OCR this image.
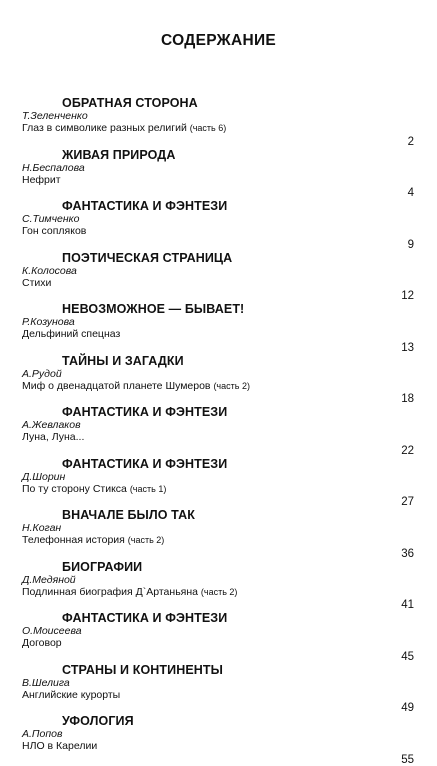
СОДЕРЖАНИЕ
ОБРАТНАЯ СТОРОНА
Т.Зеленченко
Глаз в символике разных религий (часть 6)
2
ЖИВАЯ ПРИРОДА
Н.Беспалова
Нефрит
4
ФАНТАСТИКА И ФЭНТЕЗИ
С.Тимченко
Гон сопляков
9
ПОЭТИЧЕСКАЯ СТРАНИЦА
К.Колосова
Стихи
12
НЕВОЗМОЖНОЕ — БЫВАЕТ!
Р.Козунова
Дельфиний спецназ
13
ТАЙНЫ И ЗАГАДКИ
А.Рудой
Миф о двенадцатой планете Шумеров (часть 2)
18
ФАНТАСТИКА И ФЭНТЕЗИ
А.Жевлаков
Луна, Луна...
22
ФАНТАСТИКА И ФЭНТЕЗИ
Д.Шорин
По ту сторону Стикса (часть 1)
27
ВНАЧАЛЕ БЫЛО ТАК
Н.Коган
Телефонная история (часть 2)
36
БИОГРАФИИ
Д.Медяной
Подлинная биография Д`Артаньяна (часть 2)
41
ФАНТАСТИКА И ФЭНТЕЗИ
О.Моисеева
Договор
45
СТРАНЫ И КОНТИНЕНТЫ
В.Шелига
Английские курорты
49
УФОЛОГИЯ
А.Попов
НЛО в Карелии
55
